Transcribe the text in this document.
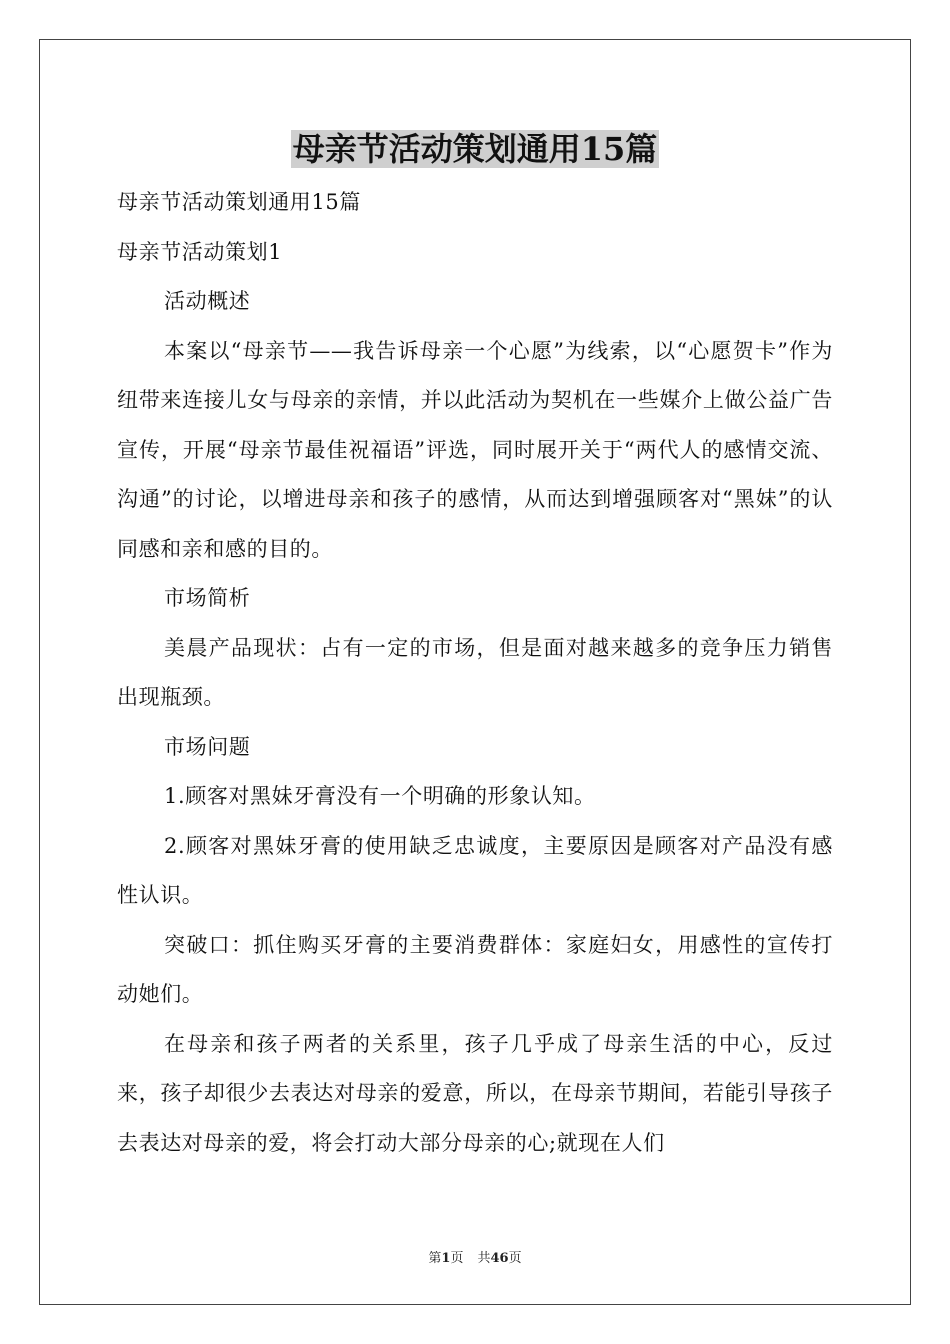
母亲节活动策划通用15篇

母亲节活动策划通用15篇

母亲节活动策划1

活动概述

本案以“母亲节——我告诉母亲一个心愿”为线索，以“心愿贺卡”作为纽带来连接儿女与母亲的亲情，并以此活动为契机在一些媒介上做公益广告宣传，开展“母亲节最佳祝福语”评选，同时展开关于“两代人的感情交流、沟通”的讨论，以增进母亲和孩子的感情，从而达到增强顾客对“黑妹”的认同感和亲和感的目的。

市场简析

美晨产品现状：占有一定的市场，但是面对越来越多的竞争压力销售出现瓶颈。

市场问题

1.顾客对黑妹牙膏没有一个明确的形象认知。

2.顾客对黑妹牙膏的使用缺乏忠诚度，主要原因是顾客对产品没有感性认识。

突破口：抓住购买牙膏的主要消费群体：家庭妇女，用感性的宣传打动她们。

在母亲和孩子两者的关系里，孩子几乎成了母亲生活的中心，反过来，孩子却很少去表达对母亲的爱意，所以，在母亲节期间，若能引导孩子去表达对母亲的爱，将会打动大部分母亲的心;就现在人们

第1页 共46页
